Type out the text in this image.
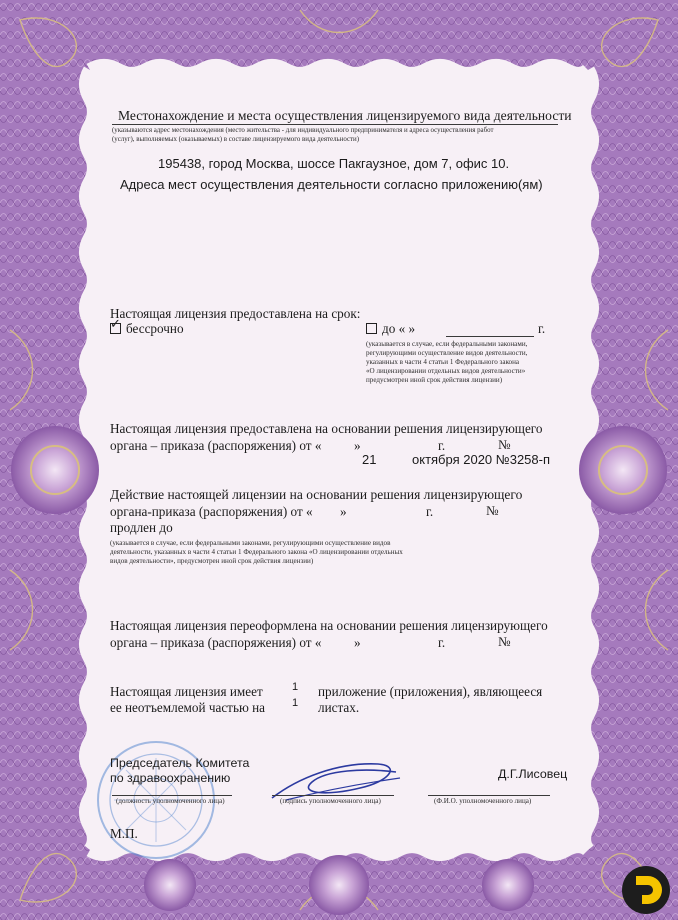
Местонахождение и места осуществления лицензируемого вида деятельности
(указываются адрес местонахождения (место жительства - для индивидуального предпринимателя и адреса осуществления работ
(услуг), выполняемых (оказываемых) в составе лицензируемого вида деятельности)
195438, город Москва, шоссе Пакгаузное, дом 7, офис 10.
Адреса мест осуществления деятельности согласно приложению(ям)
Настоящая лицензия предоставлена на срок:
✓ бессрочно	до « »	г.
(указывается в случае, если федеральными законами,
регулирующими осуществление видов деятельности,
указанных в части 4 статьи 1 Федерального закона
«О лицензировании отдельных видов деятельности»
предусмотрен иной срок действия лицензии)
Настоящая лицензия предоставлена на основании решения лицензирующего
органа – приказа (распоряжения) от « »	г.	№
21	октября 2020 №3258-п
Действие настоящей лицензии на основании решения лицензирующего
органа-приказа (распоряжения) от « »	г.	№
продлен до
(указывается в случае, если федеральными законами, регулирующими осуществление видов
деятельности, указанных в части 4 статьи 1 Федерального закона «О лицензировании отдельных
видов деятельности», предусмотрен иной срок действия лицензии)
Настоящая лицензия переоформлена на основании решения лицензирующего
органа – приказа (распоряжения) от « »	г.	№
Настоящая лицензия имеет	1 приложение (приложения), являющееся
ее неотъемлемой частью на 1 листах.
Председатель Комитета
по здравоохранению	Д.Г.Лисовец
(должность уполномоченного лица)	(подпись уполномоченного лица)	(Ф.И.О. уполномоченного лица)
М.П.
